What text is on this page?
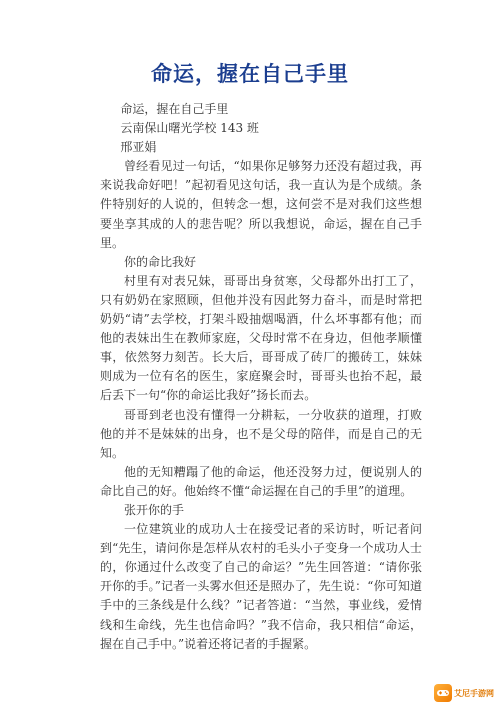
命运，握在自己手里

命运，握在自己手里

云南保山曙光学校 143 班

邢亚娟

曾经看见过一句话，“如果你足够努力还没有超过我，再来说我命好吧！”起初看见这句话，我一直认为是个成绩。条件特别好的人说的，但转念一想，这何尝不是对我们这些想要坐享其成的人的悲告呢？所以我想说，命运，握在自己手里。

你的命比我好

村里有对表兄妹，哥哥出身贫寒，父母都外出打工了，只有奶奶在家照顾，但他并没有因此努力奋斗，而是时常把奶奶“请”去学校，打架斗殴抽烟喝酒，什么坏事都有他；而他的表妹出生在教师家庭，父母时常不在身边，但他孝顺懂事，依然努力刻苦。长大后，哥哥成了砖厂的搬砖工，妹妹则成为一位有名的医生，家庭聚会时，哥哥头也抬不起，最后丢下一句“你的命运比我好”扬长而去。

哥哥到老也没有懂得一分耕耘，一分收获的道理，打败他的并不是妹妹的出身，也不是父母的陪伴，而是自己的无知。

他的无知糟蹋了他的命运，他还没努力过，便说别人的命比自己的好。他始终不懂“命运握在自己的手里”的道理。

张开你的手

一位建筑业的成功人士在接受记者的采访时，听记者问到“先生，请问你是怎样从农村的毛头小子变身一个成功人士的，你通过什么改变了自己的命运？”先生回答道：“请你张开你的手。”记者一头雾水但还是照办了，先生说：“你可知道手中的三条线是什么线？”记者答道：“当然，事业线，爱情线和生命线，先生也信命吗？”我不信命，我只相信“命运，握在自己手中。”说着还将记者的手握紧。

艾尼手游网
